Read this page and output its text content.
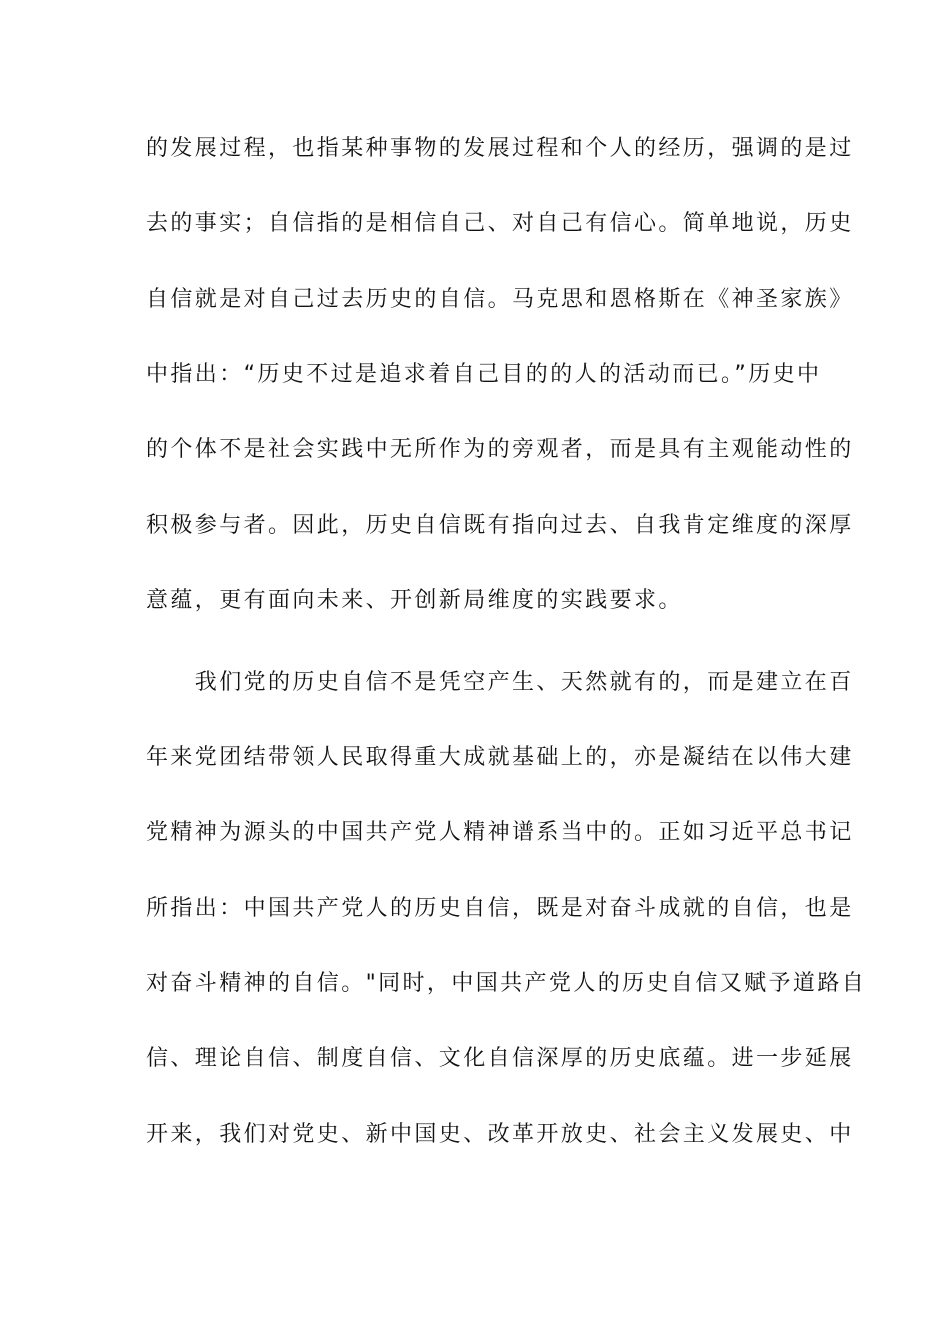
的发展过程，也指某种事物的发展过程和个人的经历，强调的是过
去的事实；自信指的是相信自己、对自己有信心。简单地说，历史
自信就是对自己过去历史的自信。马克思和恩格斯在《神圣家族》
中指出：“历史不过是追求着自己目的的人的活动而已。”历史中
的个体不是社会实践中无所作为的旁观者，而是具有主观能动性的
积极参与者。因此，历史自信既有指向过去、自我肯定维度的深厚
意蕴，更有面向未来、开创新局维度的实践要求。
　　我们党的历史自信不是凭空产生、天然就有的，而是建立在百
年来党团结带领人民取得重大成就基础上的，亦是凝结在以伟大建
党精神为源头的中国共产党人精神谱系当中的。正如习近平总书记
所指出：中国共产党人的历史自信，既是对奋斗成就的自信，也是
对奋斗精神的自信。"同时，中国共产党人的历史自信又赋予道路自
信、理论自信、制度自信、文化自信深厚的历史底蕴。进一步延展
开来，我们对党史、新中国史、改革开放史、社会主义发展史、中
